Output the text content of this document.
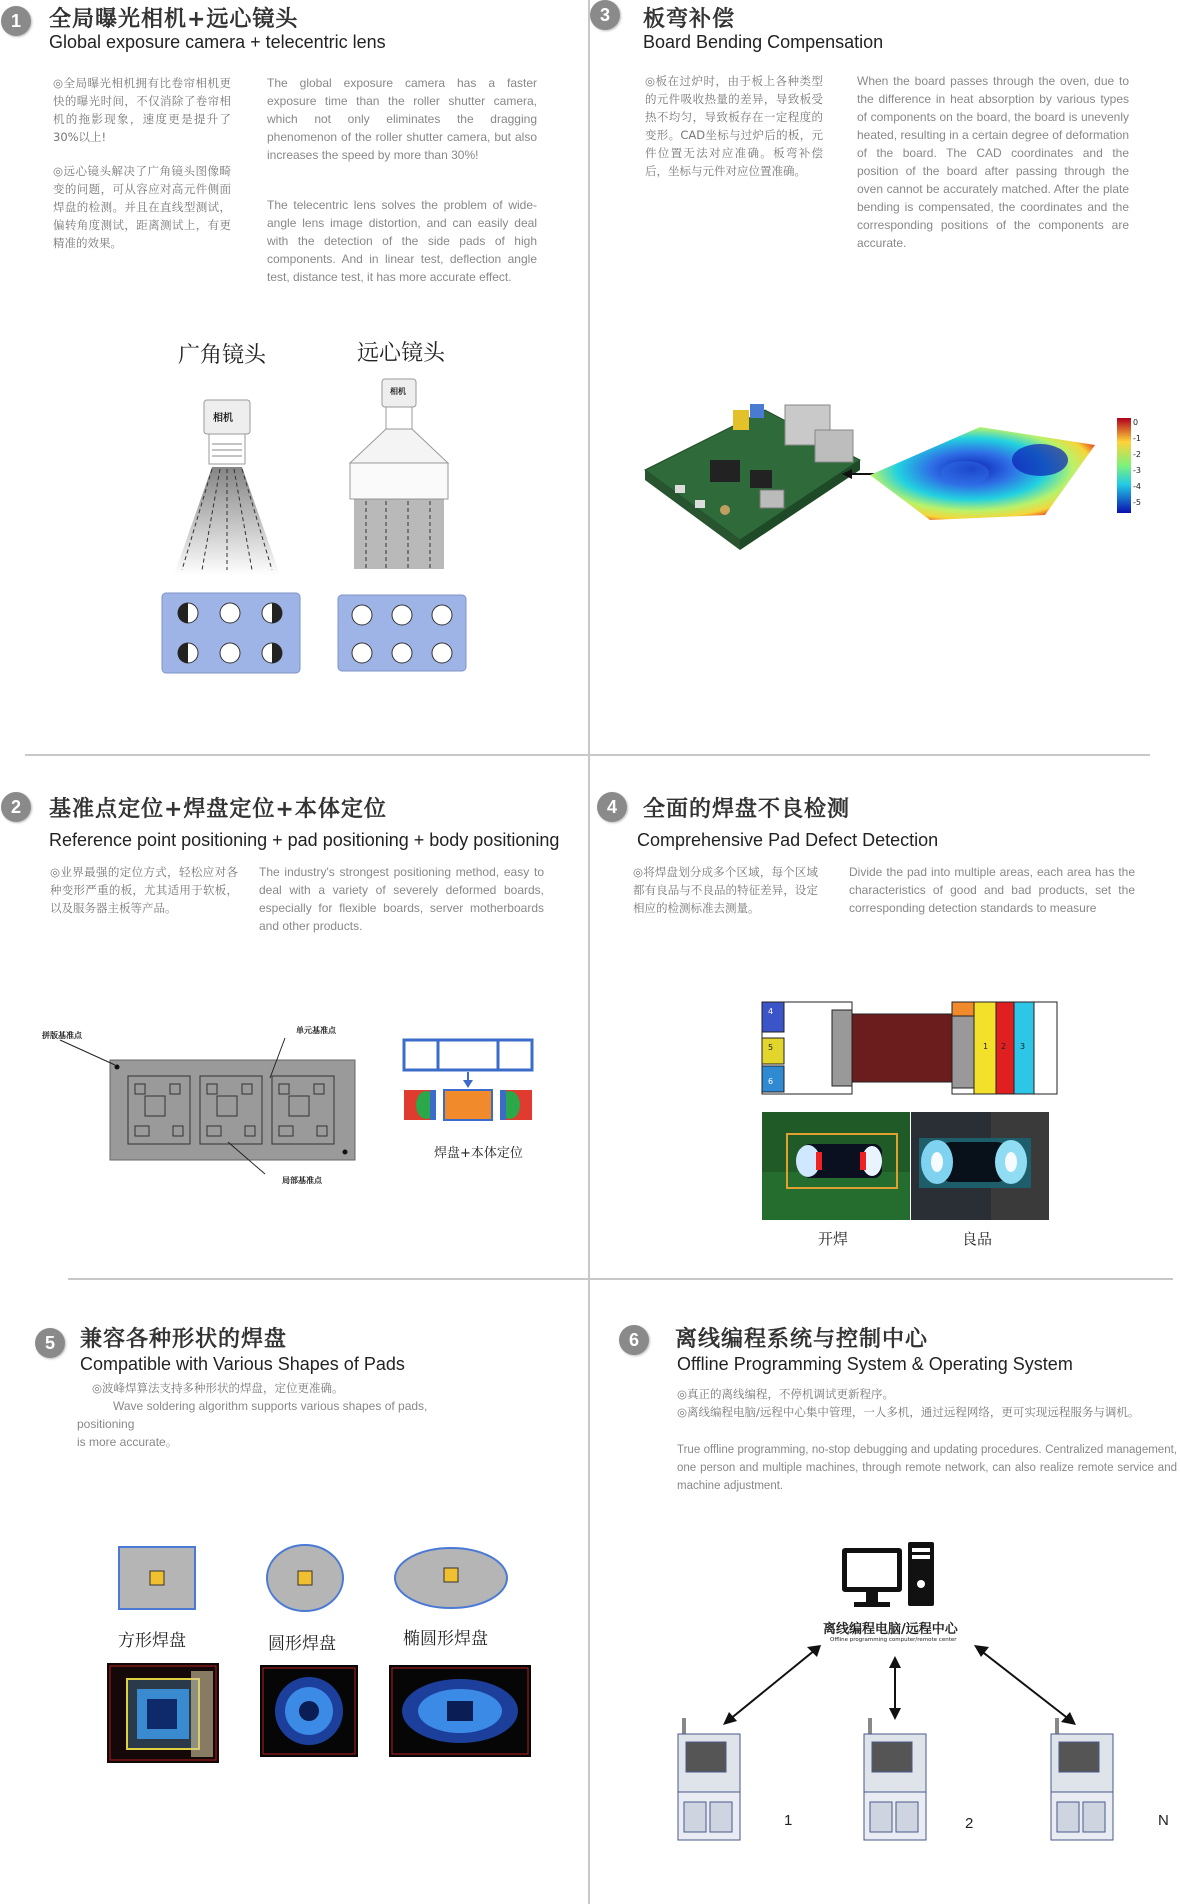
1	全局曝光相机+远心镜头
Global exposure camera + telecentric lens
◎全局曝光相机拥有比卷帘相机更快的曝光时间，不仅消除了卷帘相机的拖影现象，速度更是提升了30%以上!
◎远心镜头解决了广角镜头图像畸变的问题，可从容应对高元件侧面焊盘的检测。并且在直线型测试，偏转角度测试，距离测试上，有更精准的效果。
The global exposure camera has a faster exposure time than the roller shutter camera, which not only eliminates the dragging phenomenon of the roller shutter camera, but also increases the speed by more than 30%!
The telecentric lens solves the problem of wide-angle lens image distortion, and can easily deal with the detection of the side pads of high components. And in linear test, deflection angle test, distance test, it has more accurate effect.
广角镜头	远心镜头
相机
相机
3	板弯补偿
Board Bending Compensation
◎板在过炉时，由于板上各种类型的元件吸收热量的差异，导致板受热不均匀，导致板存在一定程度的变形。CAD坐标与过炉后的板，元件位置无法对应准确。板弯补偿后，坐标与元件对应位置准确。
When the board passes through the oven, due to the difference in heat absorption by various types of components on the board, the board is unevenly heated, resulting in a certain degree of deformation of the board. The CAD coordinates and the position of the board after passing through the oven cannot be accurately matched. After the plate bending is compensated, the coordinates and the corresponding positions of the components are accurate.
0
-1
-2
-3
-4
-5
2	基准点定位+焊盘定位+本体定位
Reference point positioning + pad positioning + body positioning
◎业界最强的定位方式，轻松应对各种变形严重的板，尤其适用于软板，以及服务器主板等产品。
The industry's strongest positioning method, easy to deal with a variety of severely deformed boards, especially for flexible boards, server motherboards and other products.
拼版基准点
单元基准点
局部基准点
焊盘+本体定位
4	全面的焊盘不良检测
Comprehensive Pad Defect Detection
◎将焊盘划分成多个区域，每个区域都有良品与不良品的特征差异，设定相应的检测标准去测量。
Divide the pad into multiple areas, each area has the characteristics of good and bad products, set the corresponding detection standards to measure
4
5
6
1 2 3
开焊	良品
5	兼容各种形状的焊盘
Compatible with Various Shapes of Pads
◎波峰焊算法支持多种形状的焊盘，定位更准确。
Wave soldering algorithm supports various shapes of pads,
positioning
is more accurate。
方形焊盘	圆形焊盘	椭圆形焊盘
6	离线编程系统与控制中心
Offline Programming System & Operating System
◎真正的离线编程，不停机调试更新程序。
◎离线编程电脑/远程中心集中管理，一人多机，通过远程网络，更可实现远程服务与调机。
True offline programming, no-stop debugging and updating procedures. Centralized management, one person and multiple machines, through remote network, can also realize remote service and machine adjustment.
离线编程电脑/远程中心
Offline programming computer/remote center
1	2	N
